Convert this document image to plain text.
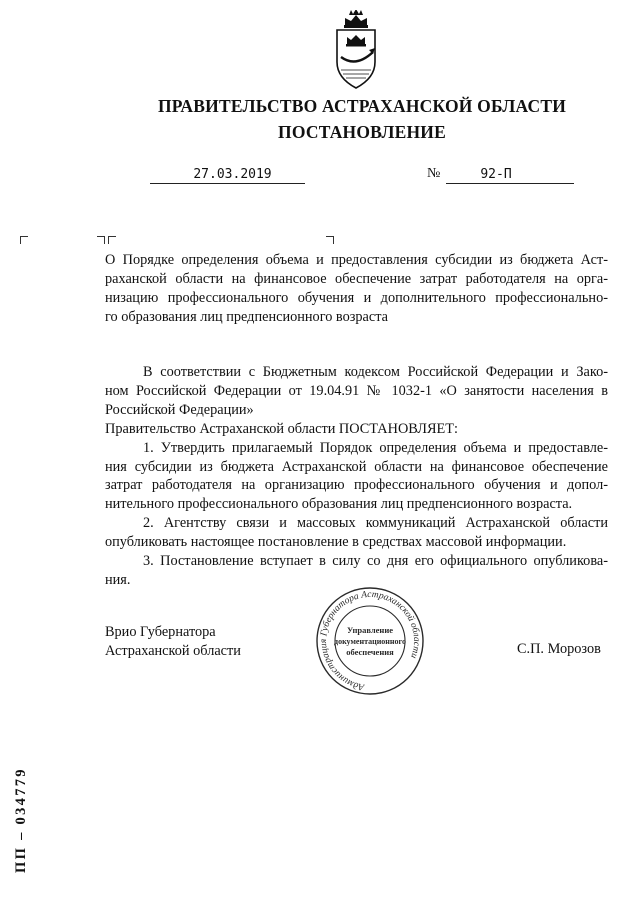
ПРАВИТЕЛЬСТВО АСТРАХАНСКОЙ ОБЛАСТИ
ПОСТАНОВЛЕНИЕ
27.03.2019	№	92-П
О Порядке определения объема и предоставления субсидии из бюджета Аст-
раханской области на финансовое обеспечение затрат работодателя на орга-
низацию профессионального обучения и дополнительного профессионально-
го образования лиц предпенсионного возраста
В соответствии с Бюджетным кодексом Российской Федерации и Зако-
ном Российской Федерации от 19.04.91 № 1032-1 «О занятости населения в
Российской Федерации»
Правительство Астраханской области ПОСТАНОВЛЯЕТ:
1. Утвердить прилагаемый Порядок определения объема и предоставле-
ния субсидии из бюджета Астраханской области на финансовое обеспечение
затрат работодателя на организацию профессионального обучения и допол-
нительного профессионального образования лиц предпенсионного возраста.
2. Агентству связи и массовых коммуникаций Астраханской области
опубликовать настоящее постановление в средствах массовой информации.
3. Постановление вступает в силу со дня его официального опубликова-
ния.
Врио Губернатора
Астраханской области	С.П. Морозов
Администрация Губернатора Астраханской области
Управление
документационного
обеспечения
ПП – 034779
